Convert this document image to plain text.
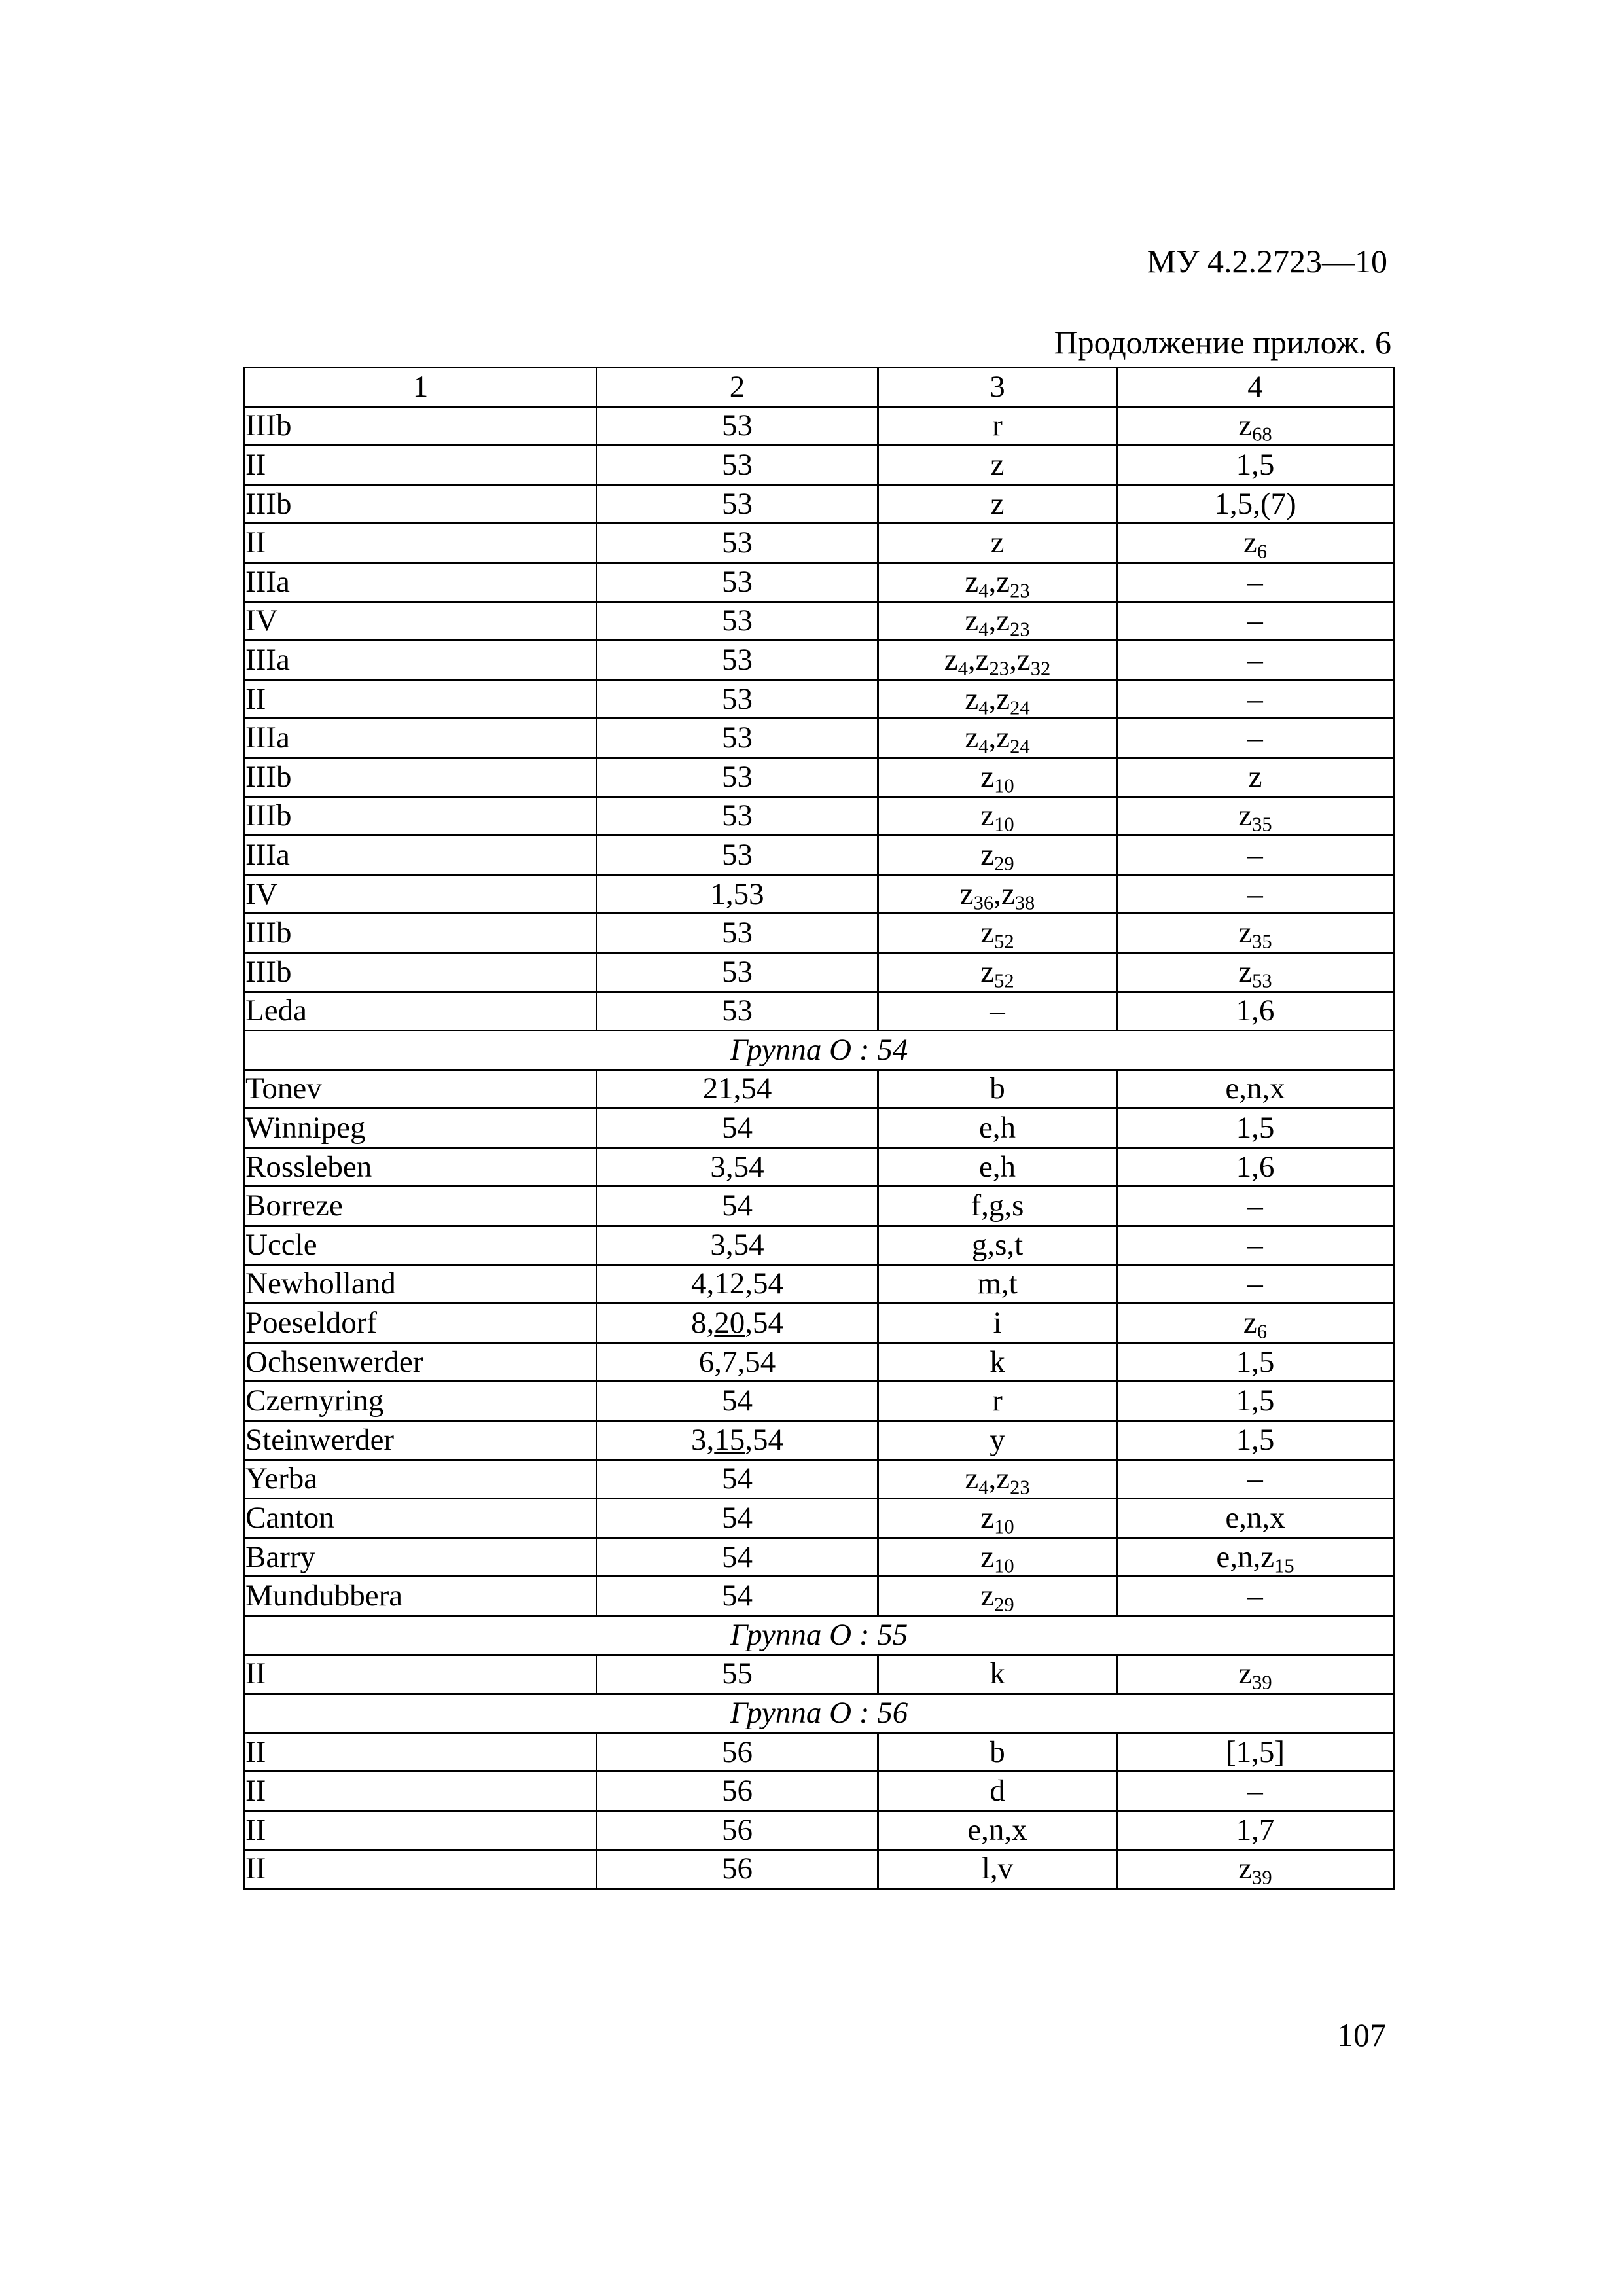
МУ 4.2.2723—10
Продолжение прилож. 6
1	2	3	4
IIIb	53	r	$z_{68}$
II	53	z	1,5
IIIb	53	z	1,5,(7)
II	53	z	$z_6$
IIIa	53	$z_4,z_{23}$	–
IV	53	$z_4,z_{23}$	–
IIIa	53	$z_4,z_{23},z_{32}$	–
II	53	$z_4,z_{24}$	–
IIIa	53	$z_4,z_{24}$	–
IIIb	53	$z_{10}$	z
IIIb	53	$z_{10}$	$z_{35}$
IIIa	53	$z_{29}$	–
IV	1,53	$z_{36},z_{38}$	–
IIIb	53	$z_{52}$	$z_{35}$
IIIb	53	$z_{52}$	$z_{53}$
Leda	53	–	1,6
Группа O : 54			
Tonev	21,54	b	e,n,x
Winnipeg	54	e,h	1,5
Rossleben	3,54	e,h	1,6
Borreze	54	f,g,s	–
Uccle	3,54	g,s,t	–
Newholland	4,12,54	m,t	–
Poeseldorf	8,20,54	i	$z_6$
Ochsenwerder	6,7,54	k	1,5
Czernyring	54	r	1,5
Steinwerder	3,15,54	y	1,5
Yerba	54	$z_4,z_{23}$	–
Canton	54	$z_{10}$	e,n,x
Barry	54	$z_{10}$	$e,n,z_{15}$
Mundubbera	54	$z_{29}$	–
Группа O : 55			
II	55	k	$z_{39}$
Группа O : 56			
II	56	b	[1,5]
II	56	d	–
II	56	e,n,x	1,7
II	56	l,v	$z_{39}$
107
